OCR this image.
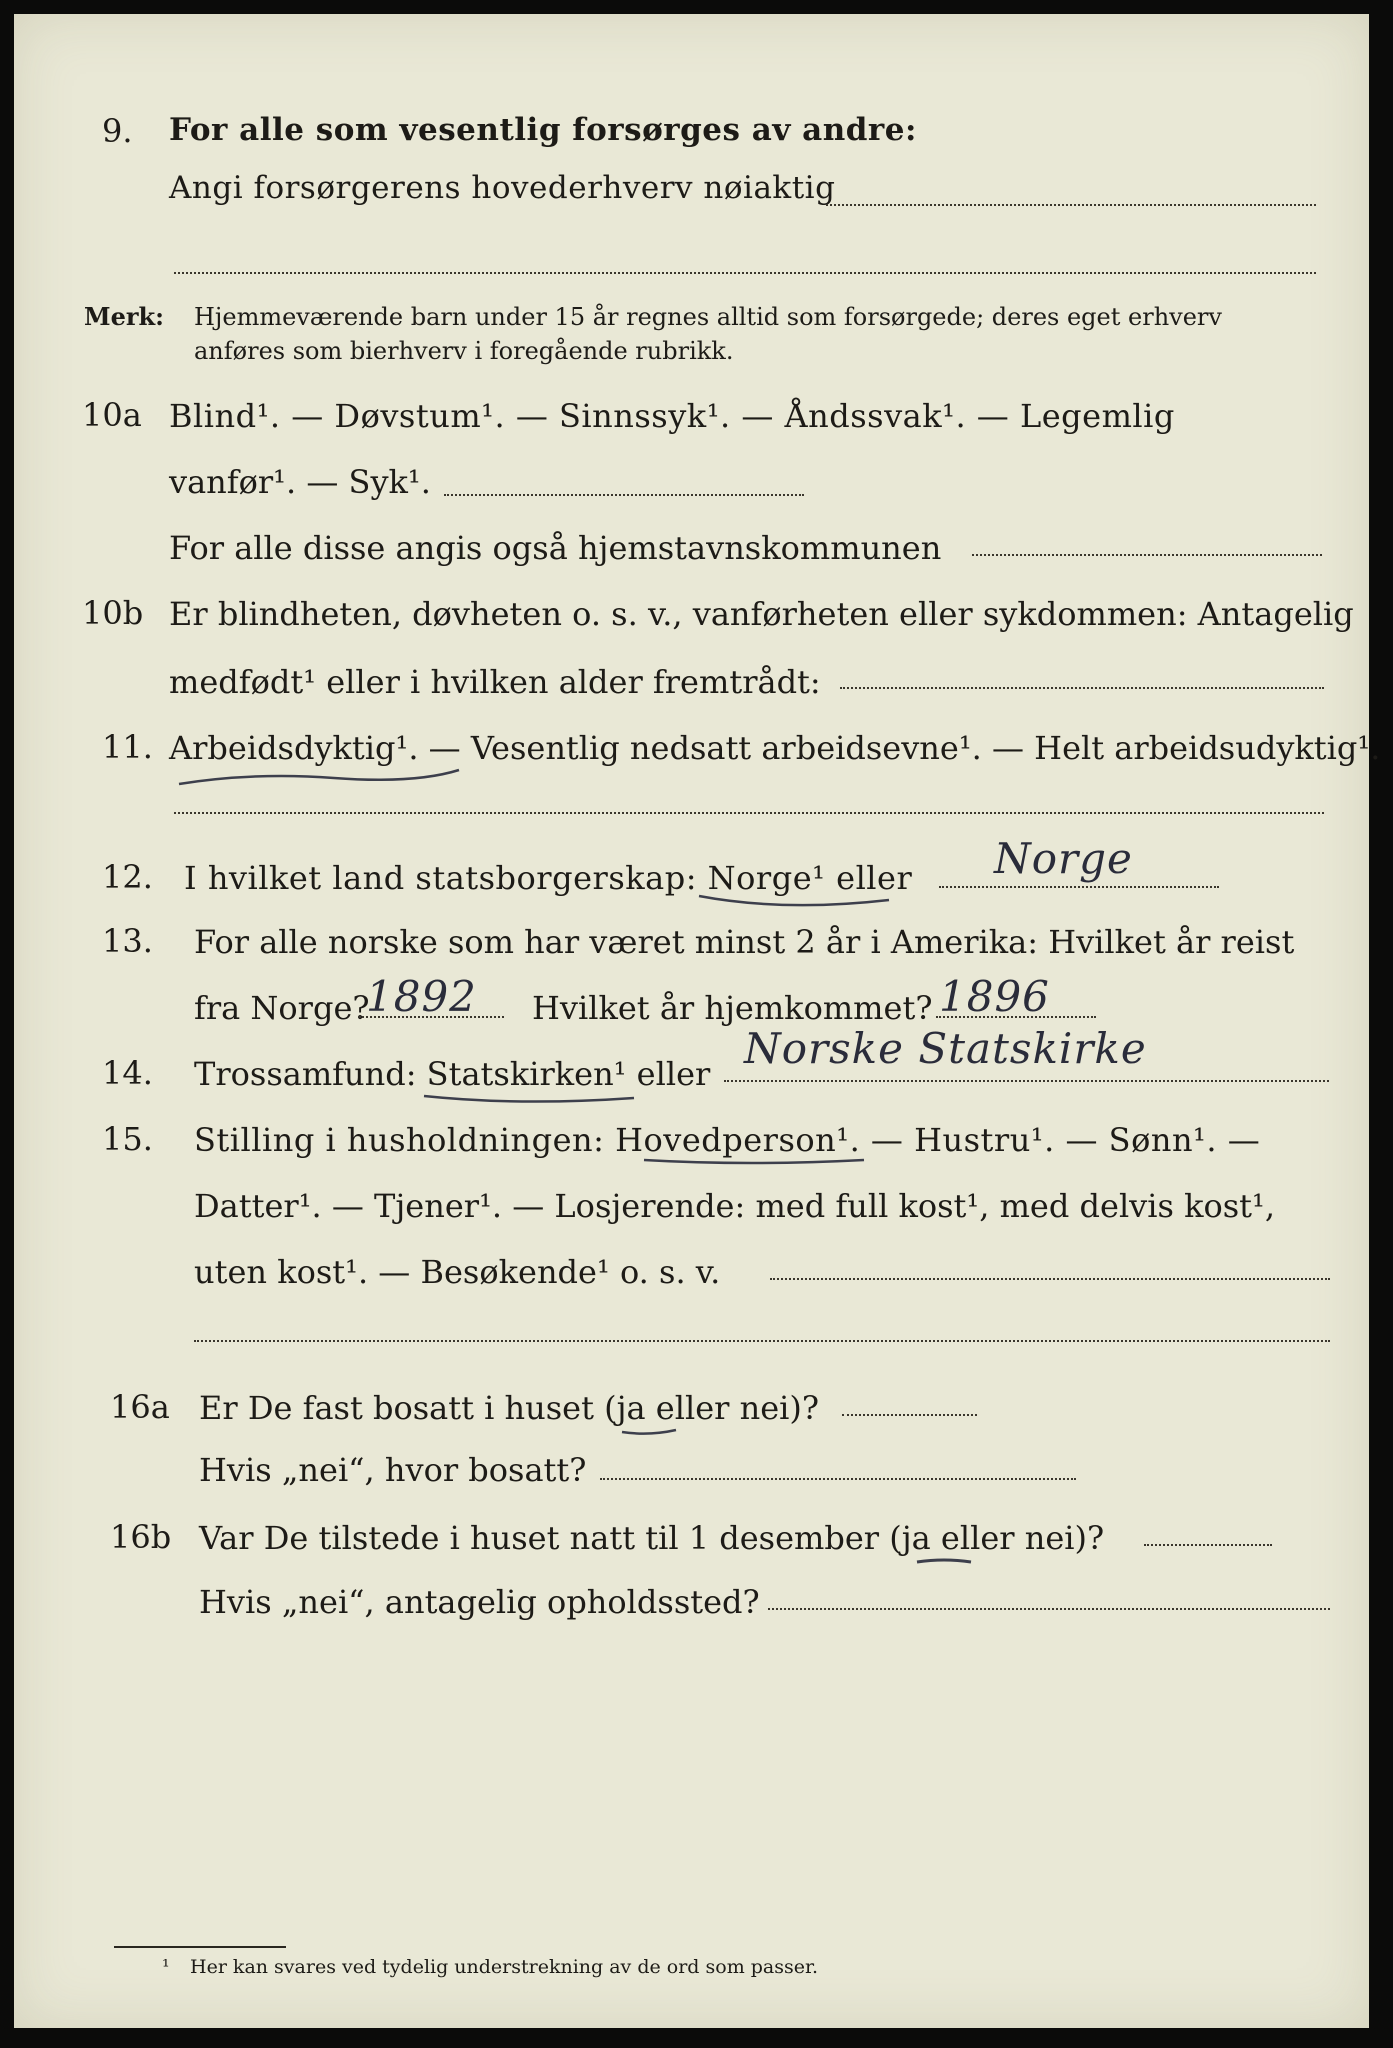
9. For alle som vesentlig forsørges av andre:
Angi forsørgerens hovederhverv nøiaktig
Merk: Hjemmeværende barn under 15 år regnes alltid som forsørgede; deres eget erhverv
anføres som bierhverv i foregående rubrikk.
10a Blind¹. — Døvstum¹. — Sinnssyk¹. — Åndssvak¹. — Legemlig
vanfør¹. — Syk¹.
For alle disse angis også hjemstavnskommunen
10b Er blindheten, døvheten o. s. v., vanførheten eller sykdommen: Antagelig
medfødt¹ eller i hvilken alder fremtrådt:
11. Arbeidsdyktig¹. — Vesentlig nedsatt arbeidsevne¹. — Helt arbeidsudyktig¹.
12. I hvilket land statsborgerskap: Norge¹ eller	Norge
13. For alle norske som har været minst 2 år i Amerika: Hvilket år reist
fra Norge?
1892 Hvilket år hjemkommet? 1896
14. Trossamfund: Statskirken¹ eller
Norske Statskirke
15. Stilling i husholdningen: Hovedperson¹. — Hustru¹. — Sønn¹. —
Datter¹. — Tjener¹. — Losjerende: med full kost¹, med delvis kost¹,
uten kost¹. — Besøkende¹ o. s. v.
16a Er De fast bosatt i huset (ja eller nei)?
Hvis „nei“, hvor bosatt?
16b Var De tilstede i huset natt til 1 desember (ja eller nei)?
Hvis „nei“, antagelig opholdssted?
¹ Her kan svares ved tydelig understrekning av de ord som passer.
